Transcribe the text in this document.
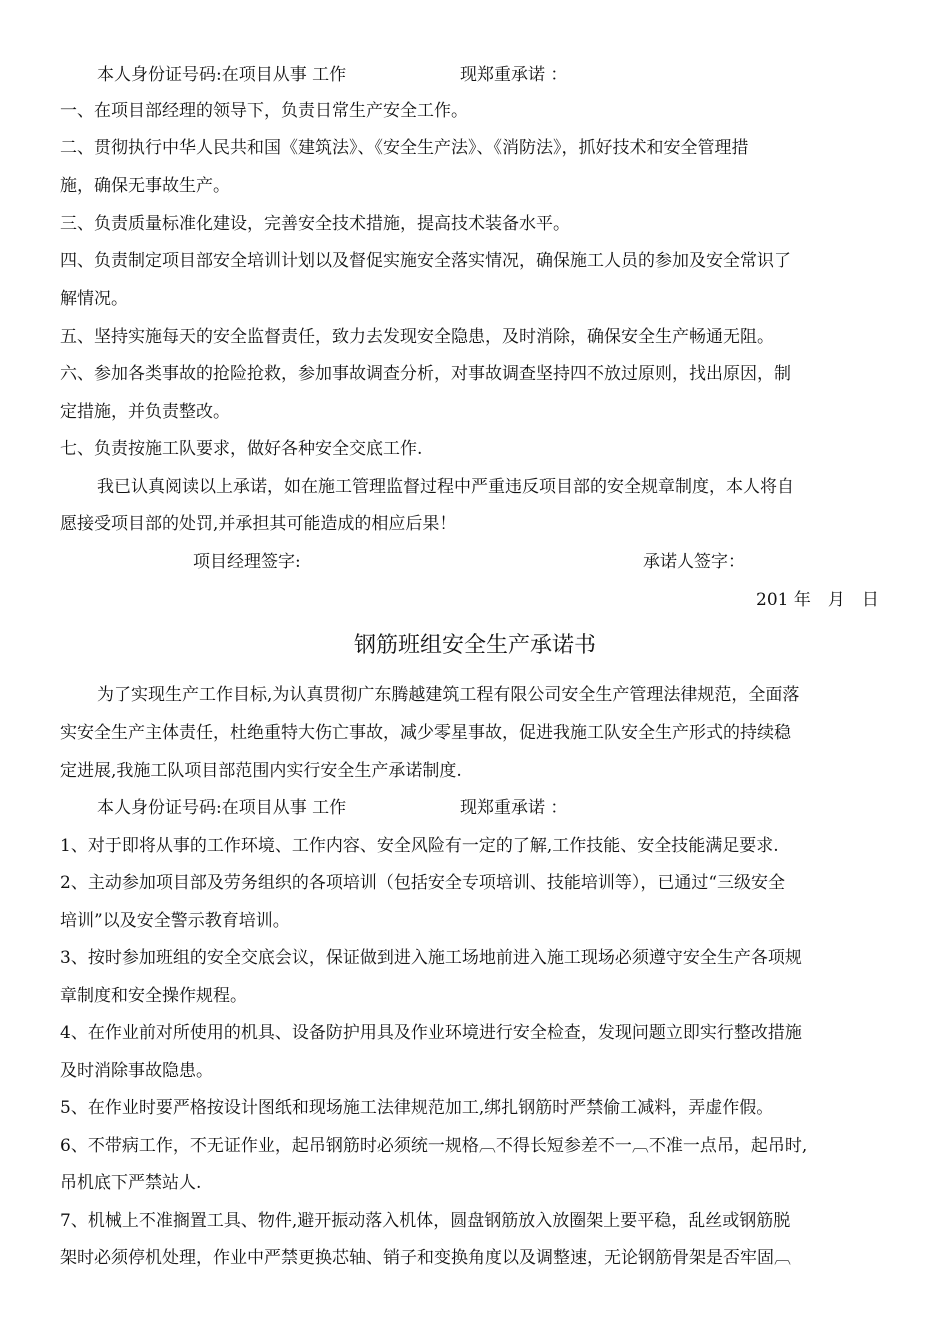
本人身份证号码:在项目从事 工作	现郑重承诺 ：
一、在项目部经理的领导下，负责日常生产安全工作。
二、贯彻执行中华人民共和国《建筑法》、《安全生产法》、《消防法》，抓好技术和安全管理措
施，确保无事故生产。
三、负责质量标准化建设，完善安全技术措施，提高技术装备水平。
四、负责制定项目部安全培训计划以及督促实施安全落实情况，确保施工人员的参加及安全常识了
解情况。
五、坚持实施每天的安全监督责任，致力去发现安全隐患，及时消除，确保安全生产畅通无阻。
六、参加各类事故的抢险抢救，参加事故调查分析，对事故调查坚持四不放过原则，找出原因，制
定措施，并负责整改。
七、负责按施工队要求，做好各种安全交底工作.
我已认真阅读以上承诺，如在施工管理监督过程中严重违反项目部的安全规章制度，本人将自
愿接受项目部的处罚,并承担其可能造成的相应后果！
项目经理签字:	承诺人签字：
201 年　月　日
钢筋班组安全生产承诺书
为了实现生产工作目标,为认真贯彻广东腾越建筑工程有限公司安全生产管理法律规范，全面落
实安全生产主体责任，杜绝重特大伤亡事故，减少零星事故，促进我施工队安全生产形式的持续稳
定进展,我施工队项目部范围内实行安全生产承诺制度.
本人身份证号码:在项目从事 工作	现郑重承诺 ：
1、对于即将从事的工作环境、工作内容、安全风险有一定的了解,工作技能、安全技能满足要求.
2、主动参加项目部及劳务组织的各项培训（包括安全专项培训、技能培训等），已通过“三级安全
培训”以及安全警示教育培训。
3、按时参加班组的安全交底会议，保证做到进入施工场地前进入施工现场必须遵守安全生产各项规
章制度和安全操作规程。
4、在作业前对所使用的机具、设备防护用具及作业环境进行安全检查，发现问题立即实行整改措施
及时消除事故隐患。
5、在作业时要严格按设计图纸和现场施工法律规范加工,绑扎钢筋时严禁偷工减料，弄虚作假。
6、不带病工作，不无证作业，起吊钢筋时必须统一规格︹不得长短参差不一︹不准一点吊，起吊时,
吊机底下严禁站人.
7、机械上不准搁置工具、物件,避开振动落入机体，圆盘钢筋放入放圈架上要平稳，乱丝或钢筋脱
架时必须停机处理，作业中严禁更换芯轴、销子和变换角度以及调整速，无论钢筋骨架是否牢固︹
